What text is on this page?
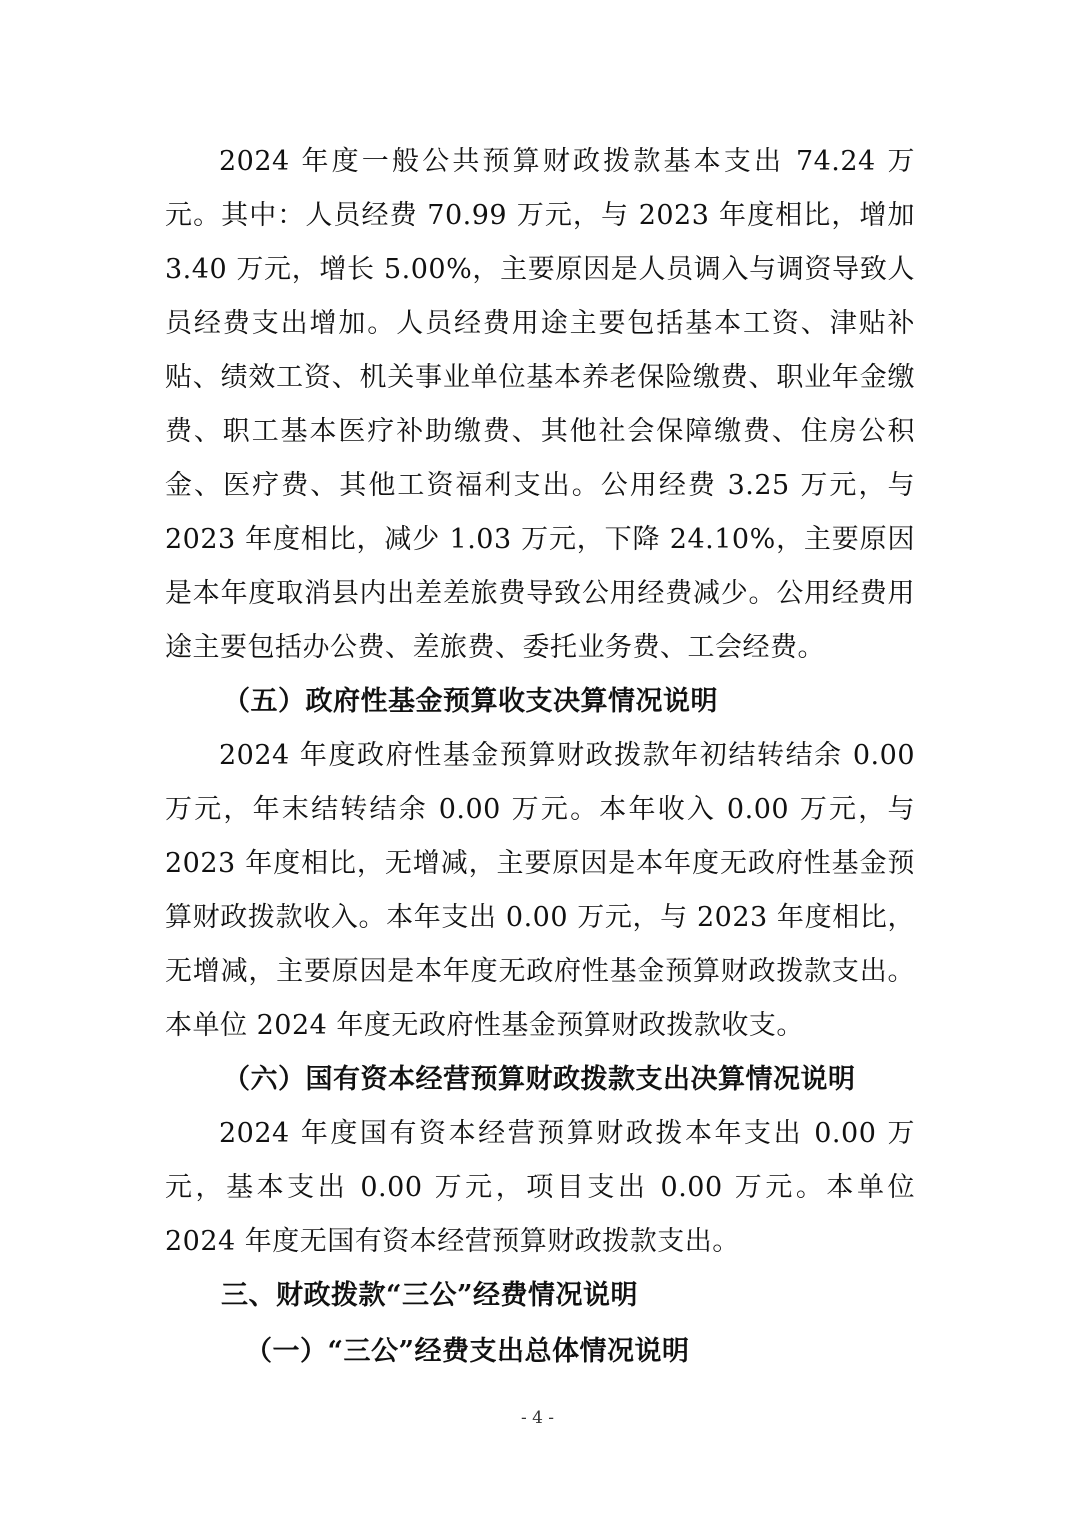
2024 年度一般公共预算财政拨款基本支出 74.24 万元。其中：人员经费 70.99 万元，与 2023 年度相比，增加 3.40 万元，增长 5.00%，主要原因是人员调入与调资导致人员经费支出增加。人员经费用途主要包括基本工资、津贴补贴、绩效工资、机关事业单位基本养老保险缴费、职业年金缴费、职工基本医疗补助缴费、其他社会保障缴费、住房公积金、医疗费、其他工资福利支出。公用经费 3.25 万元，与 2023 年度相比，减少 1.03 万元，下降 24.10%，主要原因是本年度取消县内出差差旅费导致公用经费减少。公用经费用途主要包括办公费、差旅费、委托业务费、工会经费。

（五）政府性基金预算收支决算情况说明

2024 年度政府性基金预算财政拨款年初结转结余 0.00 万元，年末结转结余 0.00 万元。本年收入 0.00 万元，与 2023 年度相比，无增减，主要原因是本年度无政府性基金预算财政拨款收入。本年支出 0.00 万元，与 2023 年度相比，无增减，主要原因是本年度无政府性基金预算财政拨款支出。本单位 2024 年度无政府性基金预算财政拨款收支。

（六）国有资本经营预算财政拨款支出决算情况说明

2024 年度国有资本经营预算财政拨本年支出 0.00 万元，基本支出 0.00 万元，项目支出 0.00 万元。本单位 2024 年度无国有资本经营预算财政拨款支出。

三、财政拨款“三公”经费情况说明

（一）“三公”经费支出总体情况说明

- 4 -
